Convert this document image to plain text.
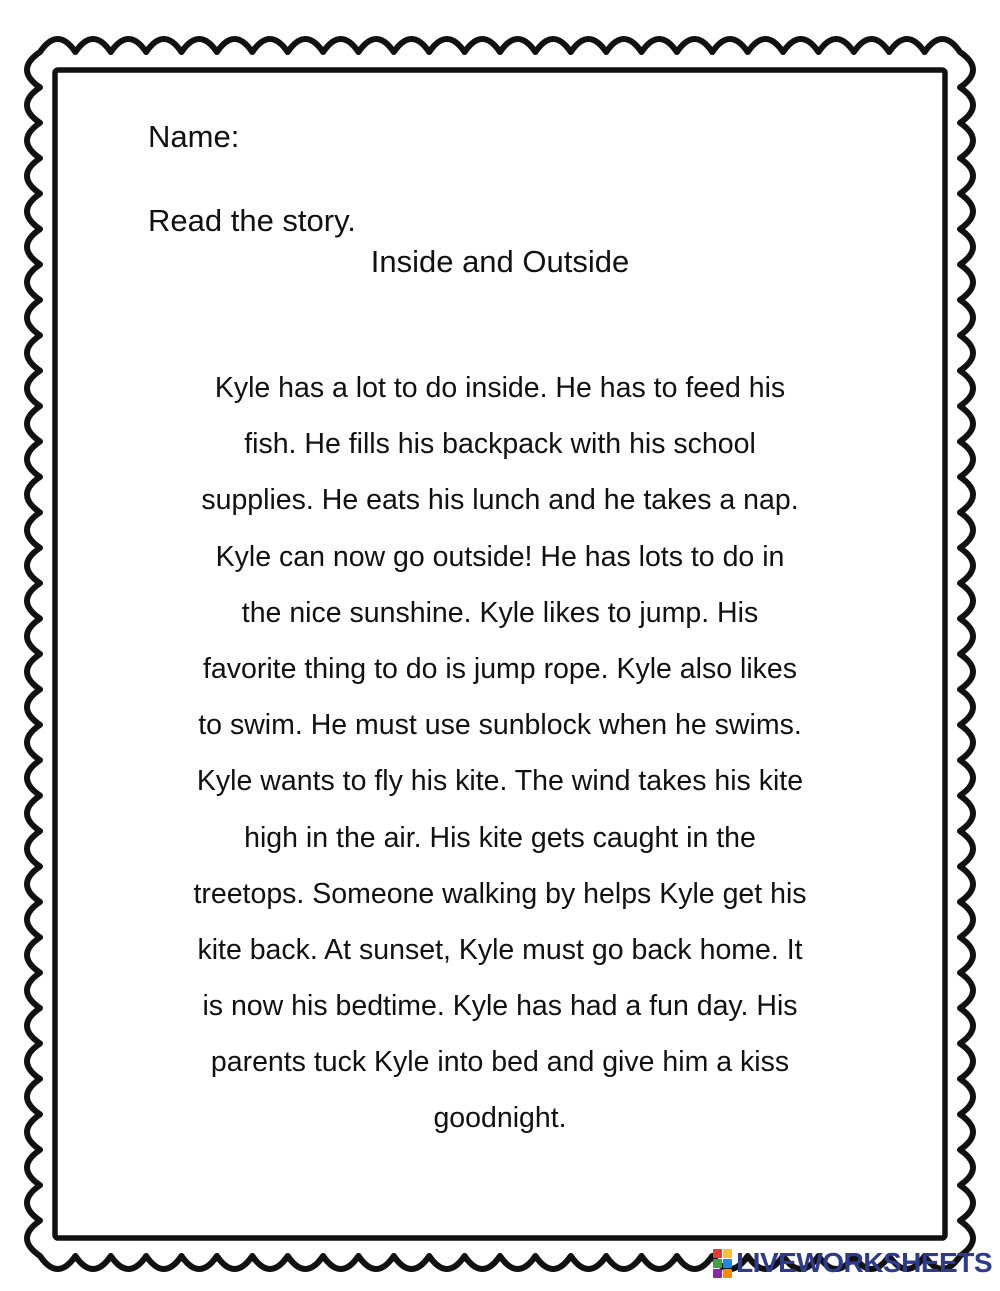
Name:
Read the story.
Inside and Outside
Kyle has a lot to do inside. He has to feed his
fish. He fills his backpack with his school
supplies. He eats his lunch and he takes a nap.
Kyle can now go outside! He has lots to do in
the nice sunshine. Kyle likes to jump. His
favorite thing to do is jump rope. Kyle also likes
to swim. He must use sunblock when he swims.
Kyle wants to fly his kite. The wind takes his kite
high in the air. His kite gets caught in the
treetops. Someone walking by helps Kyle get his
kite back. At sunset, Kyle must go back home. It
is now his bedtime. Kyle has had a fun day. His
parents tuck Kyle into bed and give him a kiss
goodnight.
LIVEWORKSHEETS
